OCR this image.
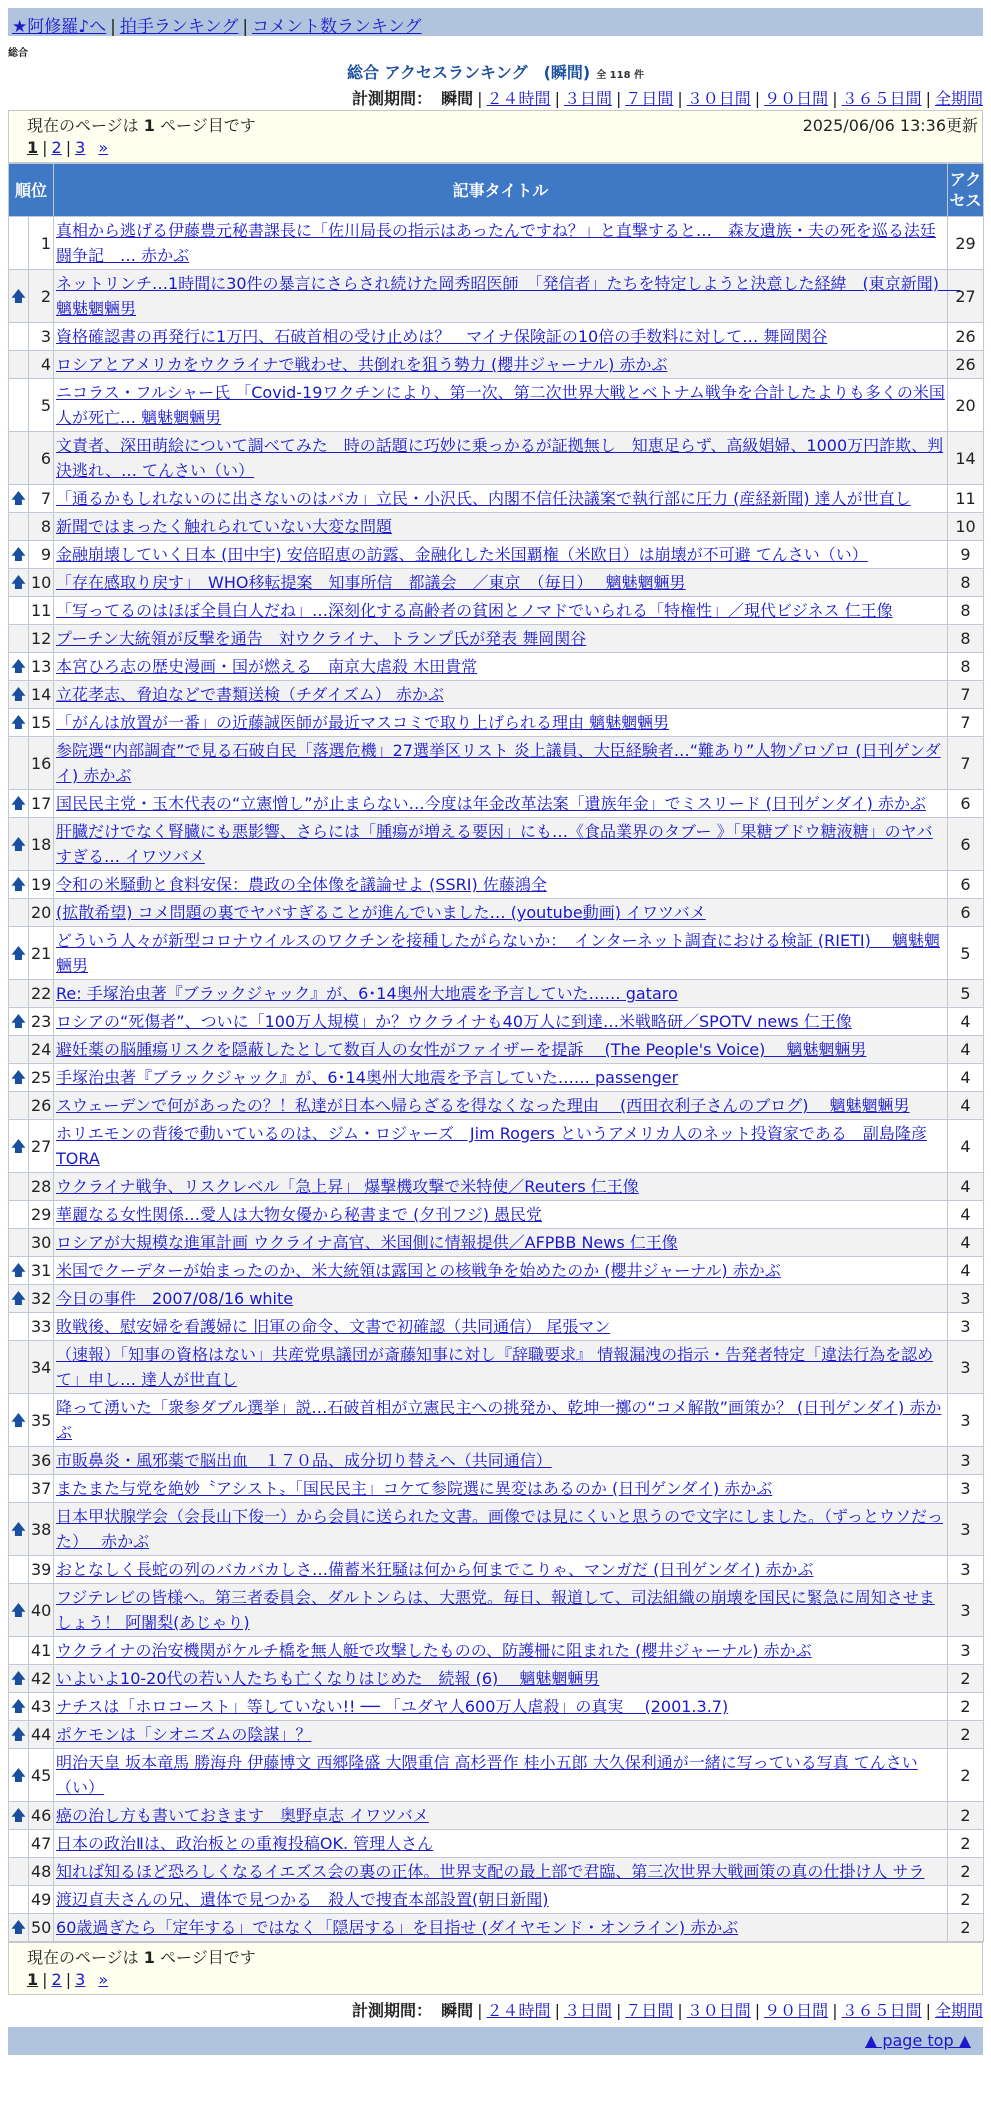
★阿修羅♪へ | 拍手ランキング | コメント数ランキング
総合
総合 アクセスランキング　(瞬間) 全 118 件
計測期間： 瞬間 | ２４時間 | ３日間 | ７日間 | ３０日間 | ９０日間 | ３６５日間 | 全期間
現在のページは 1 ページ目です	2025/06/06 13:36更新
1 | 2 | 3 »
順位		記事タイトル	アクセス
	1	真相から逃げる伊藤豊元秘書課長に「佐川局長の指示はあったんですね？」と直撃すると…　森友遺族・夫の死を巡る法廷闘争記　… 赤かぶ	29
🡅	2	ネットリンチ…1時間に30件の暴言にさらされ続けた岡秀昭医師　「発信者」たちを特定しようと決意した経緯　(東京新聞)　 魑魅魍魎男	27
	3	資格確認書の再発行に1万円、石破首相の受け止めは？　マイナ保険証の10倍の手数料に対して… 舞岡関谷	26
	4	ロシアとアメリカをウクライナで戦わせ、共倒れを狙う勢力 (櫻井ジャーナル) 赤かぶ	26
	5	ニコラス・フルシャー氏 「Covid-19ワクチンにより、第一次、第二次世界大戦とベトナム戦争を合計したよりも多くの米国人が死亡… 魑魅魍魎男	20
	6	文責者、深田萌絵について調べてみた　時の話題に巧妙に乗っかるが証拠無し　知恵足らず、高級娼婦、1000万円詐欺、判決逃れ、… てんさい（い）	14
🡅	7	「通るかもしれないのに出さないのはバカ」立民・小沢氏、内閣不信任決議案で執行部に圧力 (産経新聞) 達人が世直し	11
	8	新聞ではまったく触れられていない大変な問題	10
🡅	9	金融崩壊していく日本 (田中宇) 安倍昭恵の訪露、金融化した米国覇権（米欧日）は崩壊が不可避 てんさい（い）	9
🡅	10	「存在感取り戻す」　WHO移転提案　知事所信　都議会　／東京　（毎日）　 魑魅魍魎男	8
	11	「写ってるのはほぼ全員白人だね」…深刻化する高齢者の貧困とノマドでいられる「特権性」／現代ビジネス 仁王像	8
	12	プーチン大統領が反撃を通告　対ウクライナ、トランプ氏が発表 舞岡関谷	8
🡅	13	本宮ひろ志の歴史漫画・国が燃える　南京大虐殺 木田貴常	8
🡅	14	立花孝志、脅迫などで書類送検（チダイズム） 赤かぶ	7
🡅	15	「がんは放置が一番」の近藤誠医師が最近マスコミで取り上げられる理由 魑魅魍魎男	7
	16	参院選“内部調査”で見る石破自民「落選危機」27選挙区リスト 炎上議員、大臣経験者…“難あり”人物ゾロゾロ (日刊ゲンダイ) 赤かぶ	7
🡅	17	国民民主党・玉木代表の“立憲憎し”が止まらない…今度は年金改革法案「遺族年金」でミスリード (日刊ゲンダイ) 赤かぶ	6
🡅	18	肝臓だけでなく腎臓にも悪影響、さらには「腫瘍が増える要因」にも…《食品業界のタブー 》「果糖ブドウ糖液糖」のヤバすぎる… イワツバメ	6
🡅	19	令和の米騒動と食料安保：農政の全体像を議論せよ (SSRI) 佐藤鴻全	6
	20	(拡散希望) コメ問題の裏でヤバすぎることが進んでいました… (youtube動画) イワツバメ	6
🡅	21	どういう人々が新型コロナウイルスのワクチンを接種したがらないか：　インターネット調査における検証 (RIETI)　 魑魅魍魎男	5
	22	Re: 手塚治虫著『ブラックジャック』が、6･14奥州大地震を予言していた…… gataro	5
🡅	23	ロシアの“死傷者”、ついに「100万人規模」か？ウクライナも40万人に到達…米戦略研／SPOTV news 仁王像	4
	24	避妊薬の脳腫瘍リスクを隠蔽したとして数百人の女性がファイザーを提訴　 (The People's Voice)　 魑魅魍魎男	4
🡅	25	手塚治虫著『ブラックジャック』が、6･14奥州大地震を予言していた…… passenger	4
	26	スウェーデンで何があったの？！私達が日本へ帰らざるを得なくなった理由　 (西田衣利子さんのブログ)　 魑魅魍魎男	4
🡅	27	ホリエモンの背後で動いているのは、ジム・ロジャーズ　Jim Rogers というアメリカ人のネット投資家である　副島隆彦 TORA	4
	28	ウクライナ戦争、リスクレベル「急上昇」 爆撃機攻撃で米特使／Reuters 仁王像	4
	29	華麗なる女性関係…愛人は大物女優から秘書まで (夕刊フジ) 愚民党	4
	30	ロシアが大規模な進軍計画 ウクライナ高官、米国側に情報提供／AFPBB News 仁王像	4
🡅	31	米国でクーデターが始まったのか、米大統領は露国との核戦争を始めたのか (櫻井ジャーナル) 赤かぶ	4
🡅	32	今日の事件　2007/08/16 white	3
	33	敗戦後、慰安婦を看護婦に 旧軍の命令、文書で初確認（共同通信） 尾張マン	3
	34	（速報）「知事の資格はない」共産党県議団が斎藤知事に対し『辞職要求』 情報漏洩の指示・告発者特定「違法行為を認めて」申し… 達人が世直し	3
🡅	35	降って湧いた「衆参ダブル選挙」説…石破首相が立憲民主への挑発か、乾坤一擲の“コメ解散”画策か？ (日刊ゲンダイ) 赤かぶ	3
	36	市販鼻炎・風邪薬で脳出血　１７０品、成分切り替えへ（共同通信）	3
	37	またまた与党を絶妙〝アシスト〟「国民民主」コケて参院選に異変はあるのか (日刊ゲンダイ) 赤かぶ	3
🡅	38	日本甲状腺学会（会長山下俊一）から会員に送られた文書。画像では見にくいと思うので文字にしました。（ずっとウソだった）　 赤かぶ	3
	39	おとなしく長蛇の列のバカバカしさ…備蓄米狂騒は何から何までこりゃ、マンガだ (日刊ゲンダイ) 赤かぶ	3
🡅	40	フジテレビの皆様へ。第三者委員会、ダルトンらは、大悪党。毎日、報道して、司法組織の崩壊を国民に緊急に周知させましょう！ 阿闍梨(あじゃり)	3
	41	ウクライナの治安機関がケルチ橋を無人艇で攻撃したものの、防護柵に阻まれた (櫻井ジャーナル) 赤かぶ	3
🡅	42	いよいよ10-20代の若い人たちも亡くなりはじめた　続報 (6)　 魑魅魍魎男	2
🡅	43	ナチスは「ホロコースト」等していない!! ── 「ユダヤ人600万人虐殺」の真実　 (2001.3.7)	2
🡅	44	ポケモンは「シオニズムの陰謀」？	2
🡅	45	明治天皇 坂本竜馬 勝海舟 伊藤博文 西郷隆盛 大隈重信 高杉晋作 桂小五郎 大久保利通が一緒に写っている写真 てんさい（い）	2
🡅	46	癌の治し方も書いておきます　奥野卓志 イワツバメ	2
	47	日本の政治Ⅱは、政治板との重複投稿OK. 管理人さん	2
	48	知れば知るほど恐ろしくなるイエズス会の裏の正体。世界支配の最上部で君臨、第三次世界大戦画策の真の仕掛け人 サラ	2
	49	渡辺貞夫さんの兄、遺体で見つかる　殺人で捜査本部設置(朝日新聞)	2
🡅	50	60歳過ぎたら「定年する」ではなく「隠居する」を目指せ (ダイヤモンド・オンライン) 赤かぶ	2
計測期間： 瞬間 | ２４時間 | ３日間 | ７日間 | ３０日間 | ９０日間 | ３６５日間 | 全期間
▲ page top ▲
現在のページは 1 ページ目です
1 | 2 | 3 »
